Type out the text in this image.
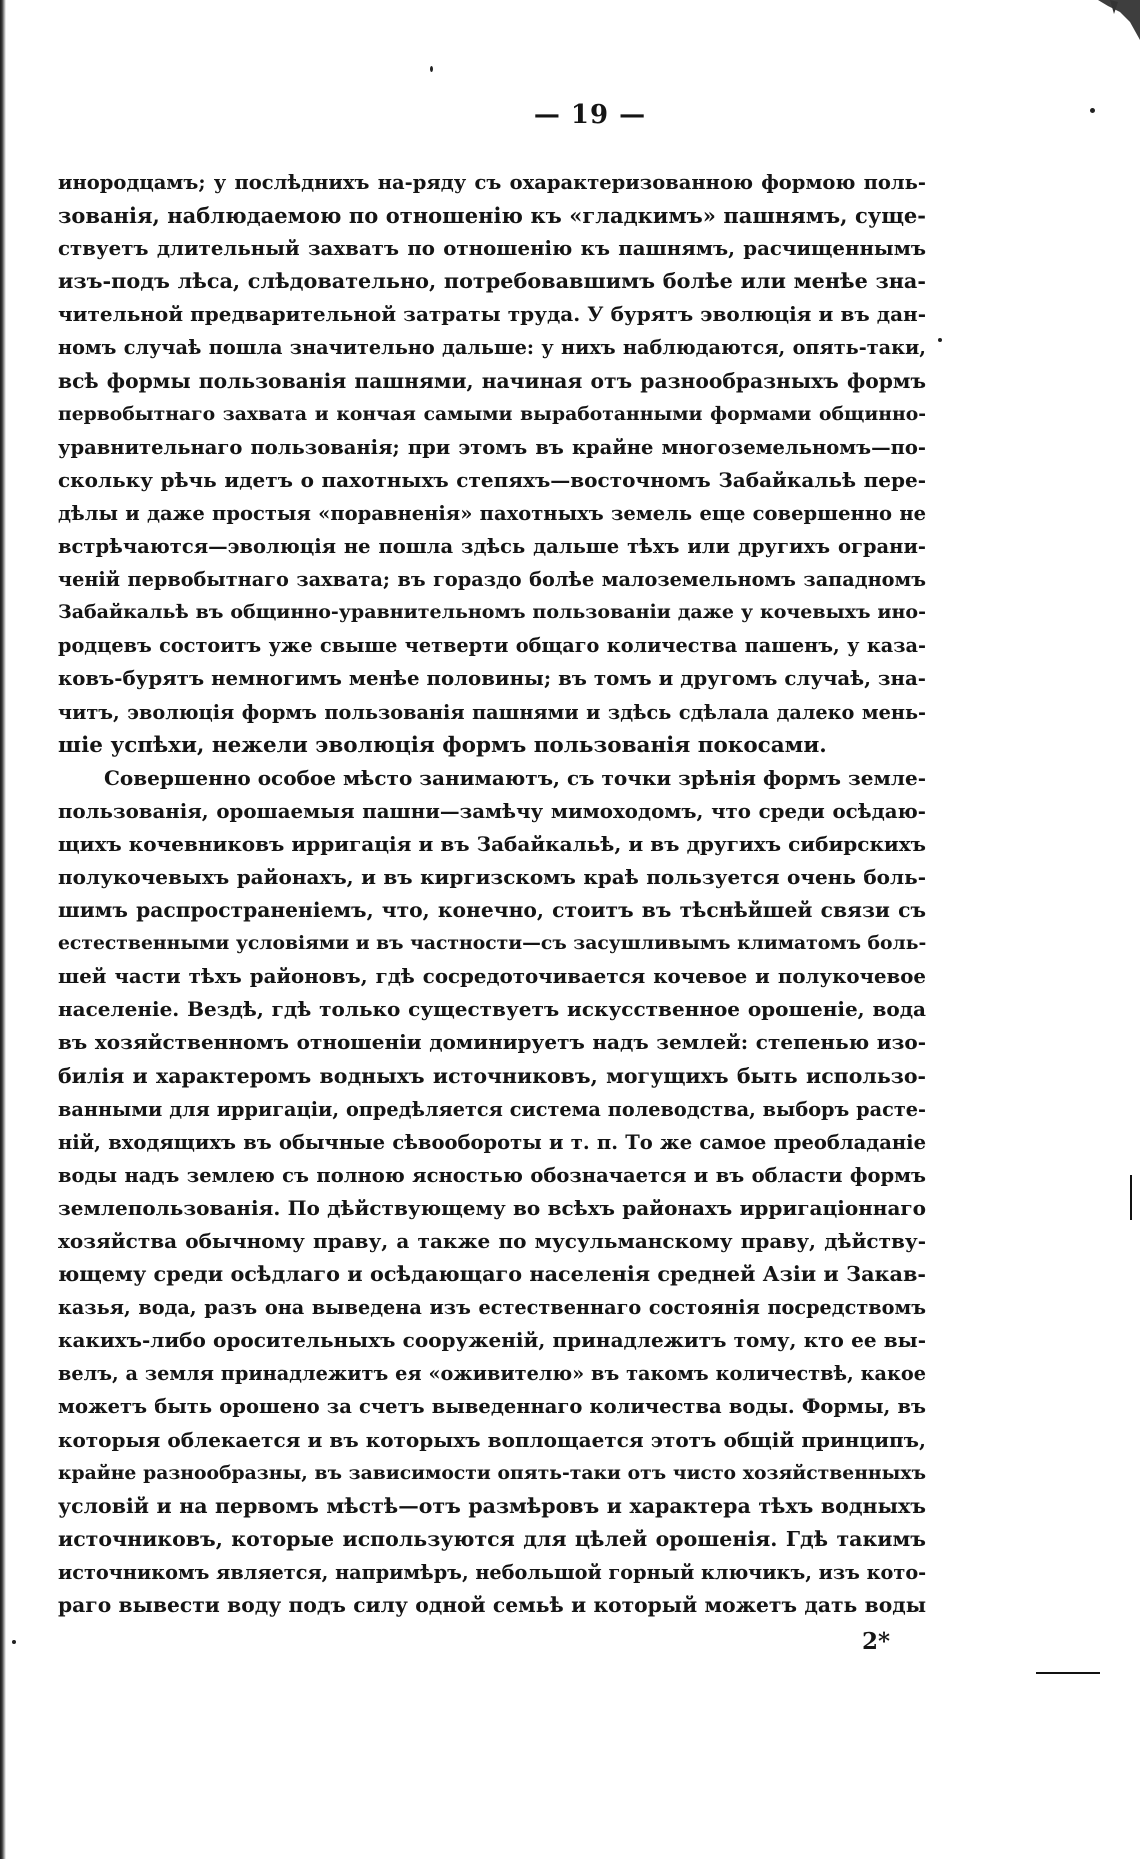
— 19 —
инородцамъ; у послѣднихъ на-ряду съ охарактеризованною формою поль-
зованія, наблюдаемою по отношенію къ «гладкимъ» пашнямъ, суще-
ствуетъ длительный захватъ по отношенію къ пашнямъ, расчищеннымъ
изъ-подъ лѣса, слѣдовательно, потребовавшимъ болѣе или менѣе зна-
чительной предварительной затраты труда. У бурятъ эволюція и въ дан-
номъ случаѣ пошла значительно дальше: у нихъ наблюдаются, опять-таки,
всѣ формы пользованія пашнями, начиная отъ разнообразныхъ формъ
первобытнаго захвата и кончая самыми выработанными формами общинно-
уравнительнаго пользованія; при этомъ въ крайне многоземельномъ—по-
скольку рѣчь идетъ о пахотныхъ степяхъ—восточномъ Забайкальѣ пере-
дѣлы и даже простыя «поравненія» пахотныхъ земель еще совершенно не
встрѣчаются—эволюція не пошла здѣсь дальше тѣхъ или другихъ ограни-
ченій первобытнаго захвата; въ гораздо болѣе малоземельномъ западномъ
Забайкальѣ въ общинно-уравнительномъ пользованіи даже у кочевыхъ ино-
родцевъ состоитъ уже свыше четверти общаго количества пашенъ, у каза-
ковъ-бурятъ немногимъ менѣе половины; въ томъ и другомъ случаѣ, зна-
читъ, эволюція формъ пользованія пашнями и здѣсь сдѣлала далеко мень-
шіе успѣхи, нежели эволюція формъ пользованія покосами.
Совершенно особое мѣсто занимаютъ, съ точки зрѣнія формъ земле-
пользованія, орошаемыя пашни—замѣчу мимоходомъ, что среди осѣдаю-
щихъ кочевниковъ ирригація и въ Забайкальѣ, и въ другихъ сибирскихъ
полукочевыхъ районахъ, и въ киргизскомъ краѣ пользуется очень боль-
шимъ распространеніемъ, что, конечно, стоитъ въ тѣснѣйшей связи съ
естественными условіями и въ частности—съ засушливымъ климатомъ боль-
шей части тѣхъ районовъ, гдѣ сосредоточивается кочевое и полукочевое
населеніе. Вездѣ, гдѣ только существуетъ искусственное орошеніе, вода
въ хозяйственномъ отношеніи доминируетъ надъ землей: степенью изо-
билія и характеромъ водныхъ источниковъ, могущихъ быть использо-
ванными для ирригаціи, опредѣляется система полеводства, выборъ расте-
ній, входящихъ въ обычные сѣвообороты и т. п. То же самое преобладаніе
воды надъ землею съ полною ясностью обозначается и въ области формъ
землепользованія. По дѣйствующему во всѣхъ районахъ ирригаціоннаго
хозяйства обычному праву, а также по мусульманскому праву, дѣйству-
ющему среди осѣдлаго и осѣдающаго населенія средней Азіи и Закав-
казья, вода, разъ она выведена изъ естественнаго состоянія посредствомъ
какихъ-либо оросительныхъ сооруженій, принадлежитъ тому, кто ее вы-
велъ, а земля принадлежитъ ея «оживителю» въ такомъ количествѣ, какое
можетъ быть орошено за счетъ выведеннаго количества воды. Формы, въ
которыя облекается и въ которыхъ воплощается этотъ общій принципъ,
крайне разнообразны, въ зависимости опять-таки отъ чисто хозяйственныхъ
условій и на первомъ мѣстѣ—отъ размѣровъ и характера тѣхъ водныхъ
источниковъ, которые используются для цѣлей орошенія. Гдѣ такимъ
источникомъ является, напримѣръ, небольшой горный ключикъ, изъ кото-
раго вывести воду подъ силу одной семьѣ и который можетъ дать воды
2*
